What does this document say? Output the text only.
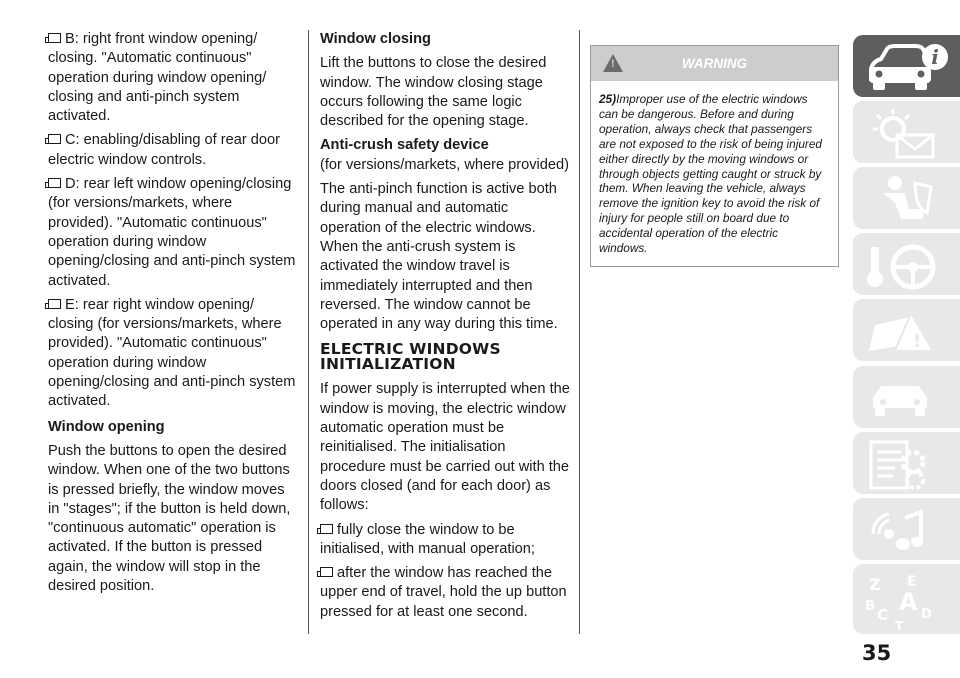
B: right front window opening/ closing. "Automatic continuous" operation during window opening/ closing and anti-pinch system activated.

C: enabling/disabling of rear door electric window controls.

D: rear left window opening/closing (for versions/markets, where provided). "Automatic continuous" operation during window opening/closing and anti-pinch system activated.

E: rear right window opening/ closing (for versions/markets, where provided). "Automatic continuous" operation during window opening/closing and anti-pinch system activated.

Window opening

Push the buttons to open the desired window. When one of the two buttons is pressed briefly, the window moves in "stages"; if the button is held down, "continuous automatic" operation is activated. If the button is pressed again, the window will stop in the desired position.

Window closing

Lift the buttons to close the desired window. The window closing stage occurs following the same logic described for the opening stage.

Anti-crush safety device
(for versions/markets, where provided)

The anti-pinch function is active both during manual and automatic operation of the electric windows. When the anti-crush system is activated the window travel is immediately interrupted and then reversed. The window cannot be operated in any way during this time.

ELECTRIC WINDOWS
INITIALIZATION

If power supply is interrupted when the window is moving, the electric window automatic operation must be reinitialised. The initialisation procedure must be carried out with the doors closed (and for each door) as follows:

fully close the window to be initialised, with manual operation;

after the window has reached the upper end of travel, hold the up button pressed for at least one second.

!
WARNING
25)Improper use of the electric windows can be dangerous. Before and during operation, always check that passengers are not exposed to the risk of being injured either directly by the moving windows or through objects getting caught or struck by them. When leaving the vehicle, always remove the ignition key to avoid the risk of injury for people still on board due to accidental operation of the electric windows.
i
!
Z E
B A
C	D
T
35
